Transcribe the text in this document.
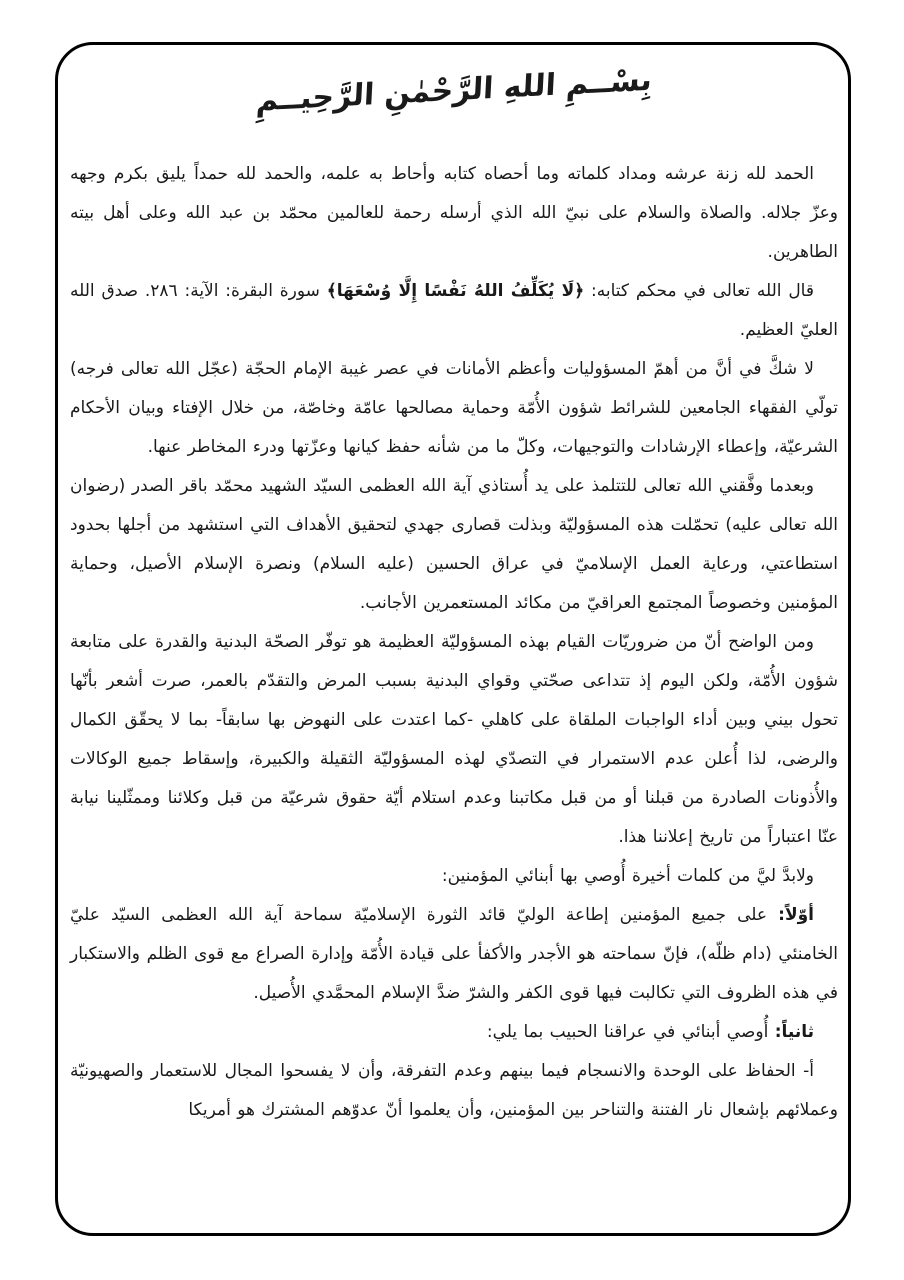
بِسْــمِ اللهِ الرَّحْمٰنِ الرَّحِيــمِ

الحمد لله زنة عرشه ومداد كلماته وما أحصاه كتابه وأحاط به علمه، والحمد لله حمداً يليق بكرم وجهه وعزّ جلاله. والصلاة والسلام على نبيّ الله الذي أرسله رحمة للعالمين محمّد بن عبد الله وعلى أهل بيته الطاهرين.

قال الله تعالى في محكم كتابه: ﴿لَا يُكَلِّفُ اللهُ نَفْسًا إِلَّا وُسْعَهَا﴾ سورة البقرة: الآية: ٢٨٦. صدق الله العليّ العظيم.

لا شكَّ في أنَّ من أهمّ المسؤوليات وأعظم الأمانات في عصر غيبة الإمام الحجّة (عجّل الله تعالى فرجه) تولّي الفقهاء الجامعين للشرائط شؤون الأُمّة وحماية مصالحها عامّة وخاصّة، من خلال الإفتاء وبيان الأحكام الشرعيّة، وإعطاء الإرشادات والتوجيهات، وكلّ ما من شأنه حفظ كيانها وعزّتها ودرء المخاطر عنها.

وبعدما وفَّقني الله تعالى للتتلمذ على يد أُستاذي آية الله العظمى السيّد الشهيد محمّد باقر الصدر (رضوان الله تعالى عليه) تحمّلت هذه المسؤوليّة وبذلت قصارى جهدي لتحقيق الأهداف التي استشهد من أجلها بحدود استطاعتي، ورعاية العمل الإسلاميّ في عراق الحسين (عليه السلام) ونصرة الإسلام الأصيل، وحماية المؤمنين وخصوصاً المجتمع العراقيّ من مكائد المستعمرين الأجانب.

ومن الواضح أنّ من ضروريّات القيام بهذه المسؤوليّة العظيمة هو توفّر الصحّة البدنية والقدرة على متابعة شؤون الأُمّة، ولكن اليوم إذ تتداعى صحّتي وقواي البدنية بسبب المرض والتقدّم بالعمر، صرت أشعر بأنّها تحول بيني وبين أداء الواجبات الملقاة على كاهلي -كما اعتدت على النهوض بها سابقاً- بما لا يحقّق الكمال والرضى، لذا أُعلن عدم الاستمرار في التصدّي لهذه المسؤوليّة الثقيلة والكبيرة، وإسقاط جميع الوكالات والأُذونات الصادرة من قبلنا أو من قبل مكاتبنا وعدم استلام أيّة حقوق شرعيّة من قبل وكلائنا وممثّلينا نيابة عنّا اعتباراً من تاريخ إعلاننا هذا.

ولابدَّ ليَّ من كلمات أخيرة أُوصي بها أبنائي المؤمنين:

أوّلاً: على جميع المؤمنين إطاعة الوليّ قائد الثورة الإسلاميّة سماحة آية الله العظمى السيّد عليّ الخامنئي (دام ظلّه)، فإنّ سماحته هو الأجدر والأكفأ على قيادة الأُمّة وإدارة الصراع مع قوى الظلم والاستكبار في هذه الظروف التي تكالبت فيها قوى الكفر والشرّ ضدَّ الإسلام المحمَّدي الأُصيل.

ثانياً: أُوصي أبنائي في عراقنا الحبيب بما يلي:

أ- الحفاظ على الوحدة والانسجام فيما بينهم وعدم التفرقة، وأن لا يفسحوا المجال للاستعمار والصهيونيّة وعملائهم بإشعال نار الفتنة والتناحر بين المؤمنين، وأن يعلموا أنّ عدوّهم المشترك هو أمريكا
